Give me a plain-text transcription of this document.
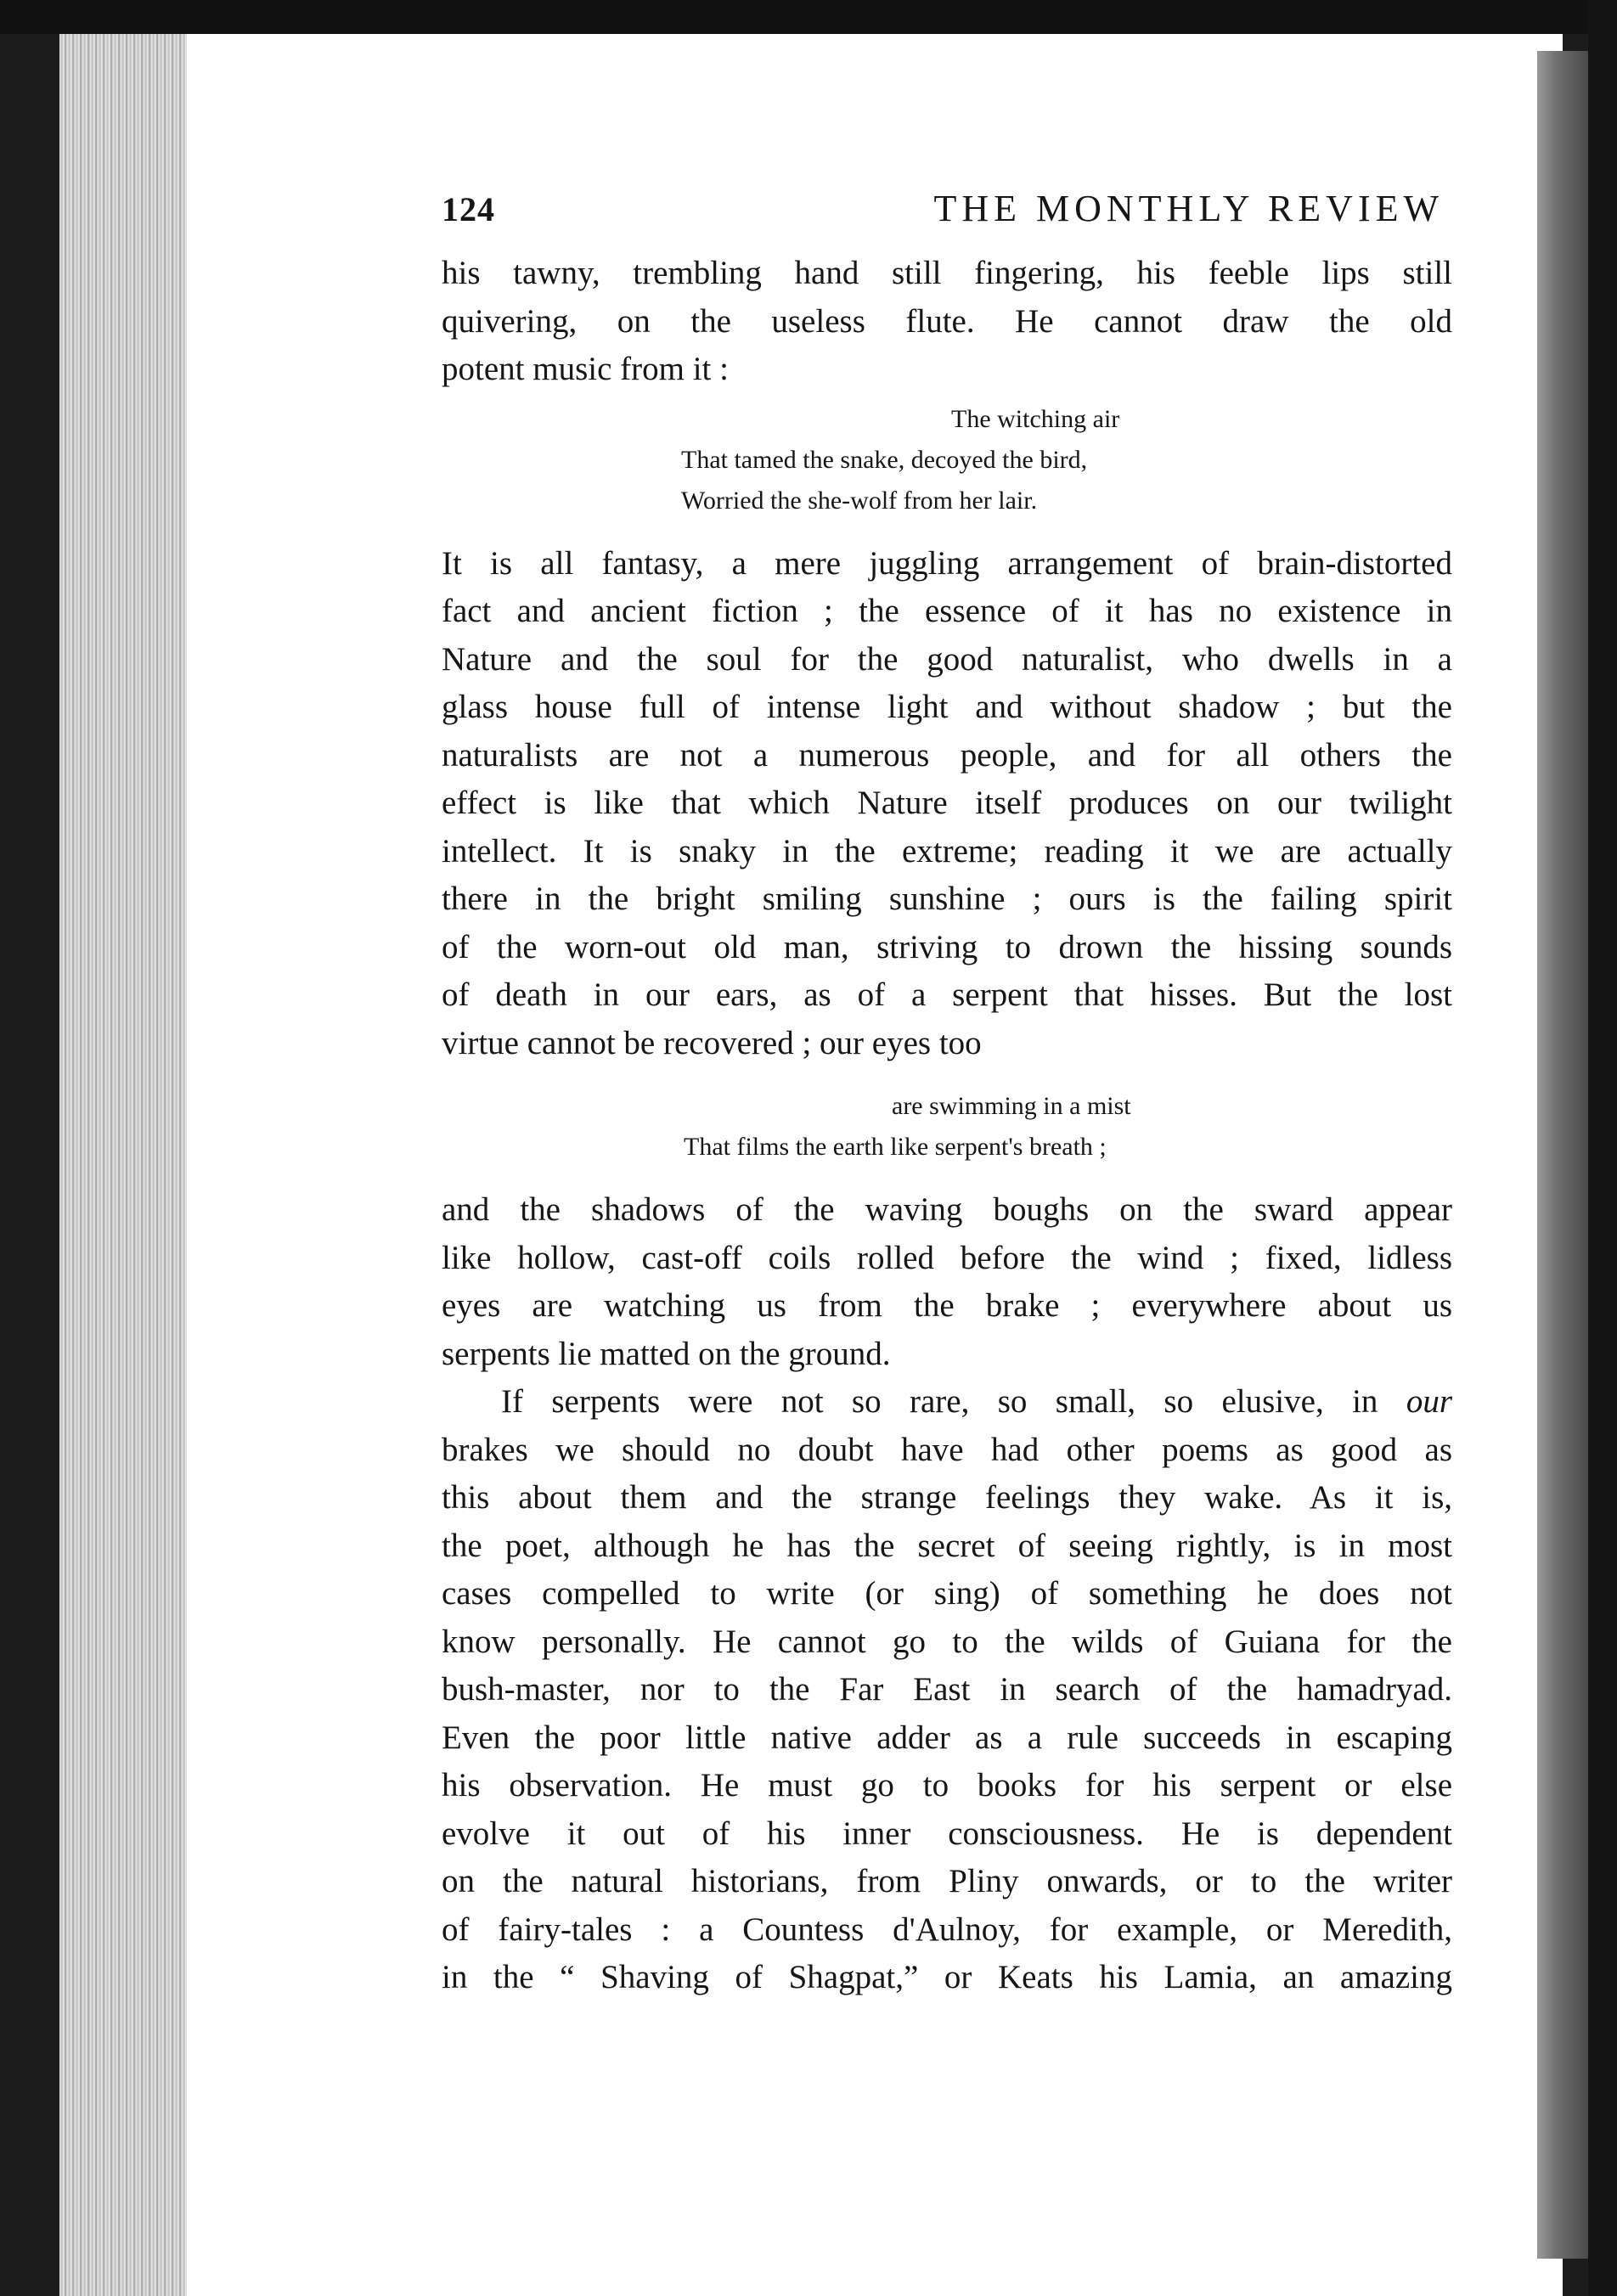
124	THE MONTHLY REVIEW

his tawny, trembling hand still fingering, his feeble lips still
quivering, on the useless flute. He cannot draw the old
potent music from it :

The witching air
That tamed the snake, decoyed the bird,
Worried the she-wolf from her lair.

It is all fantasy, a mere juggling arrangement of brain-distorted
fact and ancient fiction ; the essence of it has no existence in
Nature and the soul for the good naturalist, who dwells in a
glass house full of intense light and without shadow ; but the
naturalists are not a numerous people, and for all others the
effect is like that which Nature itself produces on our twilight
intellect. It is snaky in the extreme; reading it we are actually
there in the bright smiling sunshine ; ours is the failing spirit
of the worn-out old man, striving to drown the hissing sounds
of death in our ears, as of a serpent that hisses. But the lost
virtue cannot be recovered ; our eyes too

are swimming in a mist
That films the earth like serpent's breath ;

and the shadows of the waving boughs on the sward appear
like hollow, cast-off coils rolled before the wind ; fixed, lidless
eyes are watching us from the brake ; everywhere about us
serpents lie matted on the ground.

If serpents were not so rare, so small, so elusive, in our
brakes we should no doubt have had other poems as good as
this about them and the strange feelings they wake. As it is,
the poet, although he has the secret of seeing rightly, is in most
cases compelled to write (or sing) of something he does not
know personally. He cannot go to the wilds of Guiana for the
bush-master, nor to the Far East in search of the hamadryad.
Even the poor little native adder as a rule succeeds in escaping
his observation. He must go to books for his serpent or else
evolve it out of his inner consciousness. He is dependent
on the natural historians, from Pliny onwards, or to the writer
of fairy-tales : a Countess d'Aulnoy, for example, or Meredith,
in the “ Shaving of Shagpat,” or Keats his Lamia, an amazing
